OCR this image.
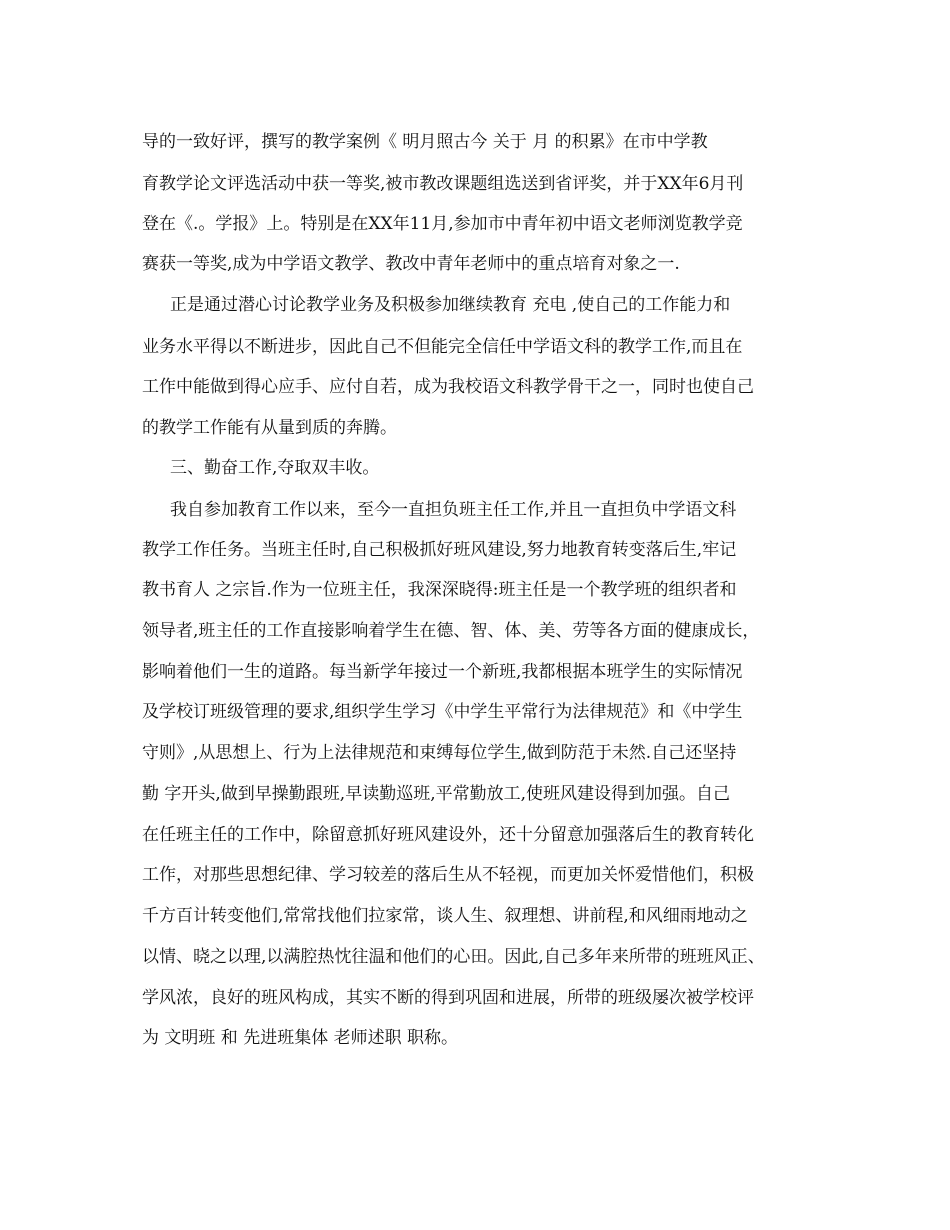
导的一致好评，撰写的教学案例《 明月照古今 关于 月 的积累》在市中学教
育教学论文评选活动中获一等奖,被市教改课题组选送到省评奖，并于XX年6月刊
登在《.。学报》上。特别是在XX年11月,参加市中青年初中语文老师浏览教学竞
赛获一等奖,成为中学语文教学、教改中青年老师中的重点培育对象之一.
正是通过潜心讨论教学业务及积极参加继续教育 充电 ,使自己的工作能力和
业务水平得以不断进步，因此自己不但能完全信任中学语文科的教学工作,而且在
工作中能做到得心应手、应付自若，成为我校语文科教学骨干之一，同时也使自己
的教学工作能有从量到质的奔腾。
三、勤奋工作,夺取双丰收。
我自参加教育工作以来，至今一直担负班主任工作,并且一直担负中学语文科
教学工作任务。当班主任时,自己积极抓好班风建设,努力地教育转变落后生,牢记
教书育人 之宗旨.作为一位班主任，我深深晓得:班主任是一个教学班的组织者和
领导者,班主任的工作直接影响着学生在德、智、体、美、劳等各方面的健康成长，
影响着他们一生的道路。每当新学年接过一个新班,我都根据本班学生的实际情况
及学校订班级管理的要求,组织学生学习《中学生平常行为法律规范》和《中学生
守则》,从思想上、行为上法律规范和束缚每位学生,做到防范于未然.自己还坚持
勤 字开头,做到早操勤跟班,早读勤巡班,平常勤放工,使班风建设得到加强。自己
在任班主任的工作中，除留意抓好班风建设外，还十分留意加强落后生的教育转化
工作，对那些思想纪律、学习较差的落后生从不轻视，而更加关怀爱惜他们，积极
千方百计转变他们,常常找他们拉家常，谈人生、叙理想、讲前程,和风细雨地动之
以情、晓之以理,以满腔热忱往温和他们的心田。因此,自己多年来所带的班班风正、
学风浓，良好的班风构成，其实不断的得到巩固和进展，所带的班级屡次被学校评
为 文明班 和 先进班集体 老师述职 职称。
